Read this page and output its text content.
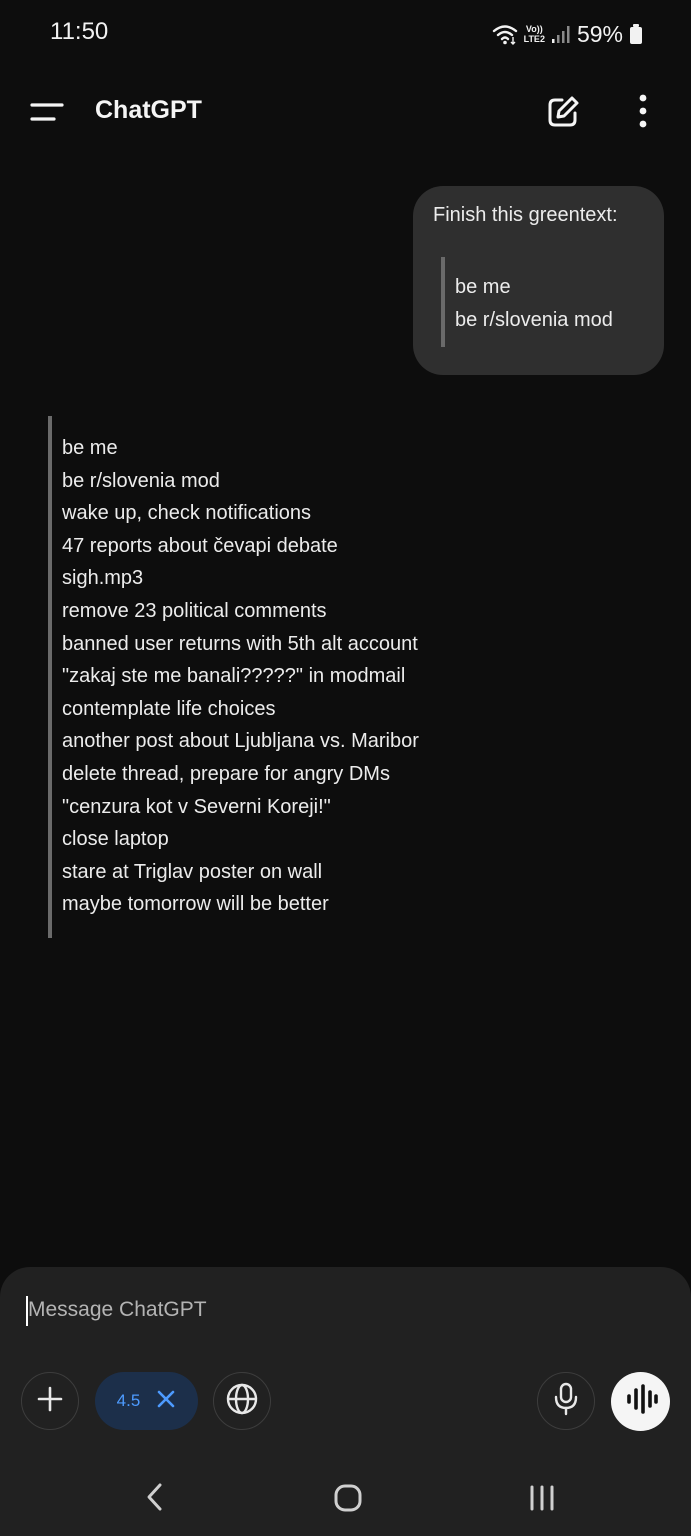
11:50	Vo))
LTE2 59%
ChatGPT
Finish this greentext:
be me
be r/slovenia mod
be me
be r/slovenia mod
wake up, check notifications
47 reports about čevapi debate
sigh.mp3
remove 23 political comments
banned user returns with 5th alt account
"zakaj ste me banali?????" in modmail
contemplate life choices
another post about Ljubljana vs. Maribor
delete thread, prepare for angry DMs
"cenzura kot v Severni Koreji!"
close laptop
stare at Triglav poster on wall
maybe tomorrow will be better
Message ChatGPT
4.5
